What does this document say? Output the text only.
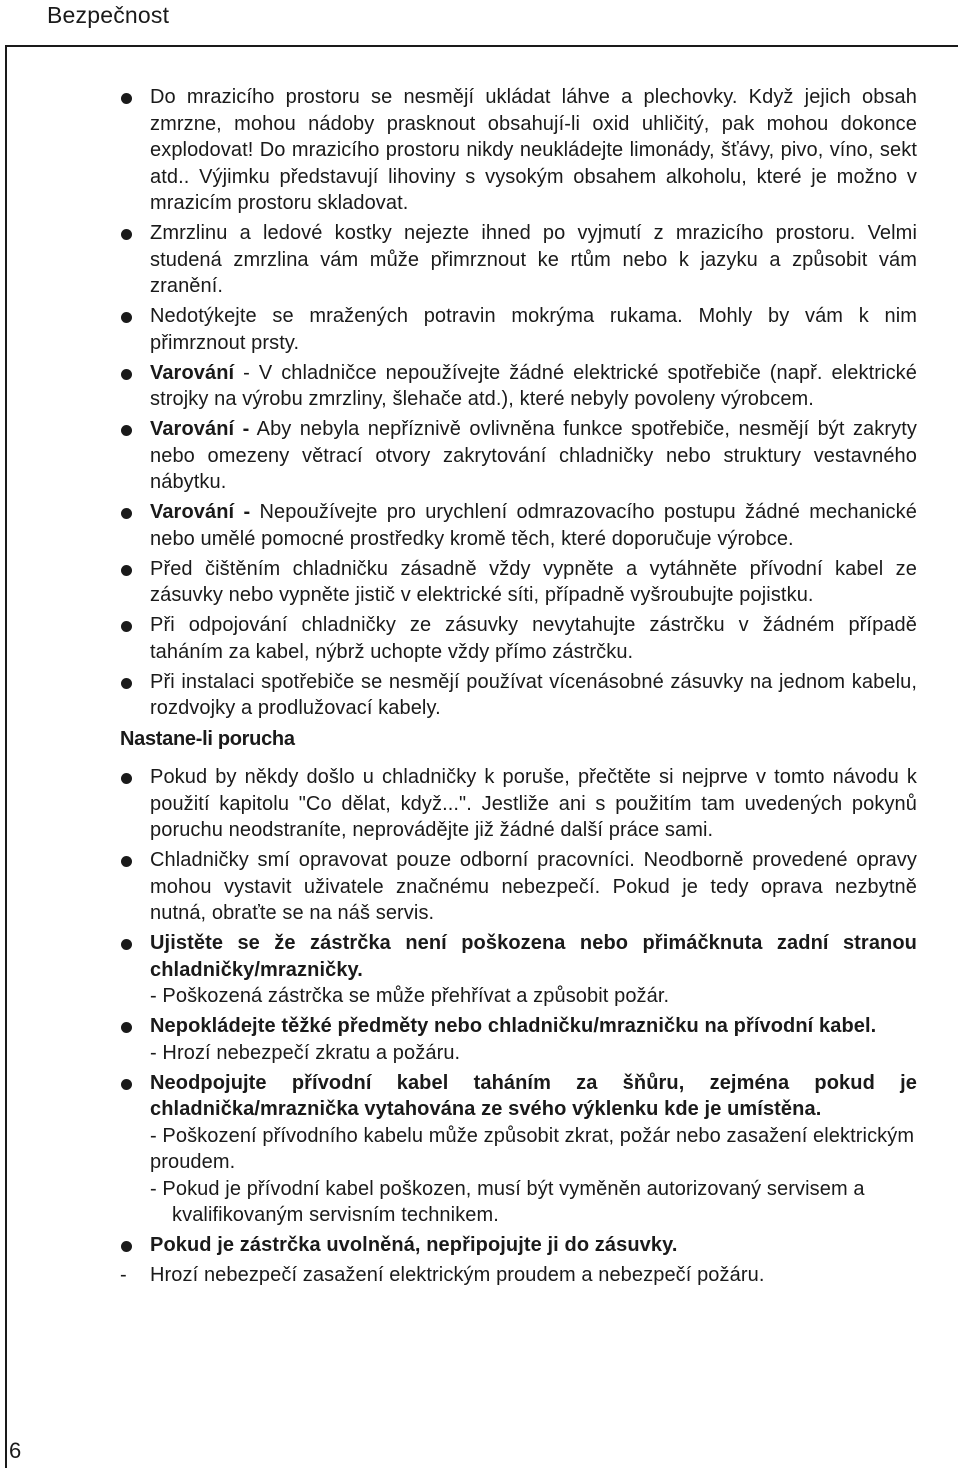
Bezpečnost
6
Do mrazicího prostoru se nesmějí ukládat láhve a plechovky. Když jejich obsah zmrzne, mohou nádoby prasknout obsahují-li oxid uhličitý, pak mohou dokonce explodovat! Do mrazicího prostoru nikdy neukládejte limonády, šťávy, pivo, víno, sekt atd.. Výjimku představují lihoviny s vysokým obsahem alkoholu, které je možno v mrazicím prostoru skladovat.
Zmrzlinu a ledové kostky nejezte ihned po vyjmutí z mrazicího prostoru. Velmi studená zmrzlina vám může přimrznout ke rtům nebo k jazyku a způsobit vám zranění.
Nedotýkejte se mražených potravin mokrýma rukama. Mohly by vám k nim přimrznout prsty.
Varování - V chladničce nepoužívejte žádné elektrické spotřebiče (např. elektrické strojky na výrobu zmrzliny, šlehače atd.), které nebyly povoleny výrobcem.
Varování - Aby nebyla nepříznivě ovlivněna funkce spotřebiče, nesmějí být zakryty nebo omezeny větrací otvory zakrytování chladničky nebo struktury vestavného nábytku.
Varování - Nepoužívejte pro urychlení odmrazovacího postupu žádné mechanické nebo umělé pomocné prostředky kromě těch, které doporučuje výrobce.
Před čištěním chladničku zásadně vždy vypněte a vytáhněte přívodní kabel ze zásuvky nebo vypněte jistič v elektrické síti, případně vyšroubujte pojistku.
Při odpojování chladničky ze zásuvky nevytahujte zástrčku v žádném případě taháním za kabel, nýbrž uchopte vždy přímo zástrčku.
Při instalaci spotřebiče se nesmějí používat vícenásobné zásuvky na jednom kabelu, rozdvojky a prodlužovací kabely.
Nastane-li porucha
Pokud by někdy došlo u chladničky k poruše, přečtěte si nejprve v tomto návodu k použití kapitolu "Co dělat, když...". Jestliže ani s použitím tam uvedených pokynů poruchu neodstraníte, neprovádějte již žádné další práce sami.
Chladničky smí opravovat pouze odborní pracovníci. Neodborně provedené opravy mohou vystavit uživatele značnému nebezpečí. Pokud je tedy oprava nezbytně nutná, obraťte se na náš servis.
Ujistěte se že zástrčka není poškozena nebo přimáčknuta zadní stranou chladničky/mrazničky.
- Poškozená zástrčka se může přehřívat a způsobit požár.
Nepokládejte těžké předměty nebo chladničku/mrazničku na přívodní kabel.
- Hrozí nebezpečí zkratu a požáru.
Neodpojujte přívodní kabel taháním za šňůru, zejména pokud je chladnička/mraznička vytahována ze svého výklenku kde je umístěna.
- Poškození přívodního kabelu může způsobit zkrat, požár nebo zasažení elektrickým proudem.
- Pokud je přívodní kabel poškozen, musí být vyměněn autorizovaný servisem a kvalifikovaným servisním technikem.
Pokud je zástrčka uvolněná, nepřipojujte ji do zásuvky.
- Hrozí nebezpečí zasažení elektrickým proudem a nebezpečí požáru.
